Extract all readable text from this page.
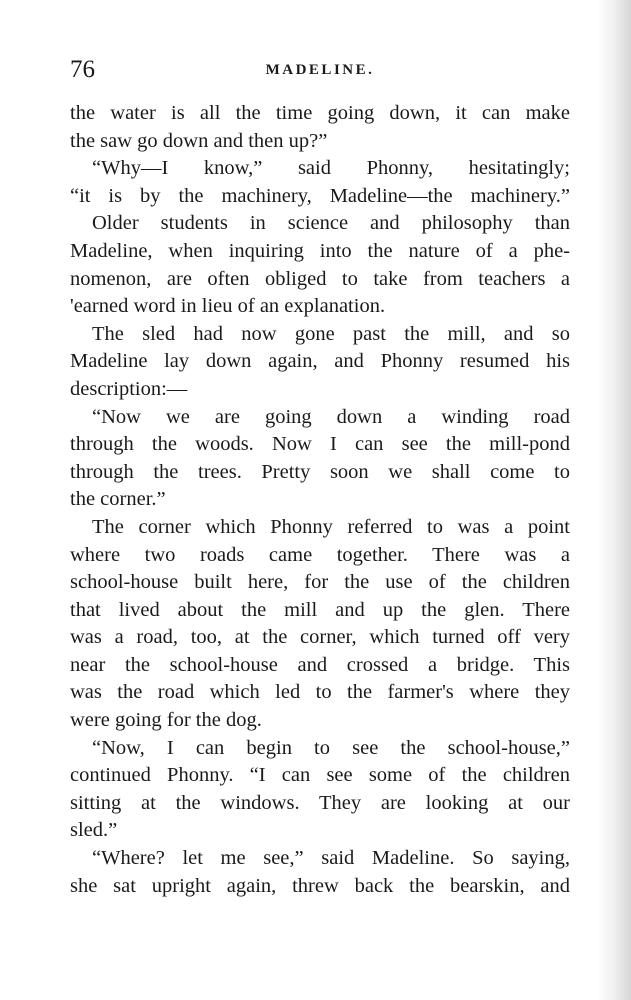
76	MADELINE.

the water is all the time going down, it can make

the saw go down and then up?”

“Why—I know,” said Phonny, hesitatingly;

“it is by the machinery, Madeline—the machinery.”

Older students in science and philosophy than

Madeline, when inquiring into the nature of a phe-

nomenon, are often obliged to take from teachers a

'earned word in lieu of an explanation.

The sled had now gone past the mill, and so

Madeline lay down again, and Phonny resumed his

description:—

“Now we are going down a winding road

through the woods. Now I can see the mill-pond

through the trees. Pretty soon we shall come to

the corner.”

The corner which Phonny referred to was a point

where two roads came together. There was a

school-house built here, for the use of the children

that lived about the mill and up the glen. There

was a road, too, at the corner, which turned off very

near the school-house and crossed a bridge. This

was the road which led to the farmer's where they

were going for the dog.

“Now, I can begin to see the school-house,”

continued Phonny. “I can see some of the children

sitting at the windows. They are looking at our

sled.”

“Where? let me see,” said Madeline. So saying,

she sat upright again, threw back the bearskin, and
